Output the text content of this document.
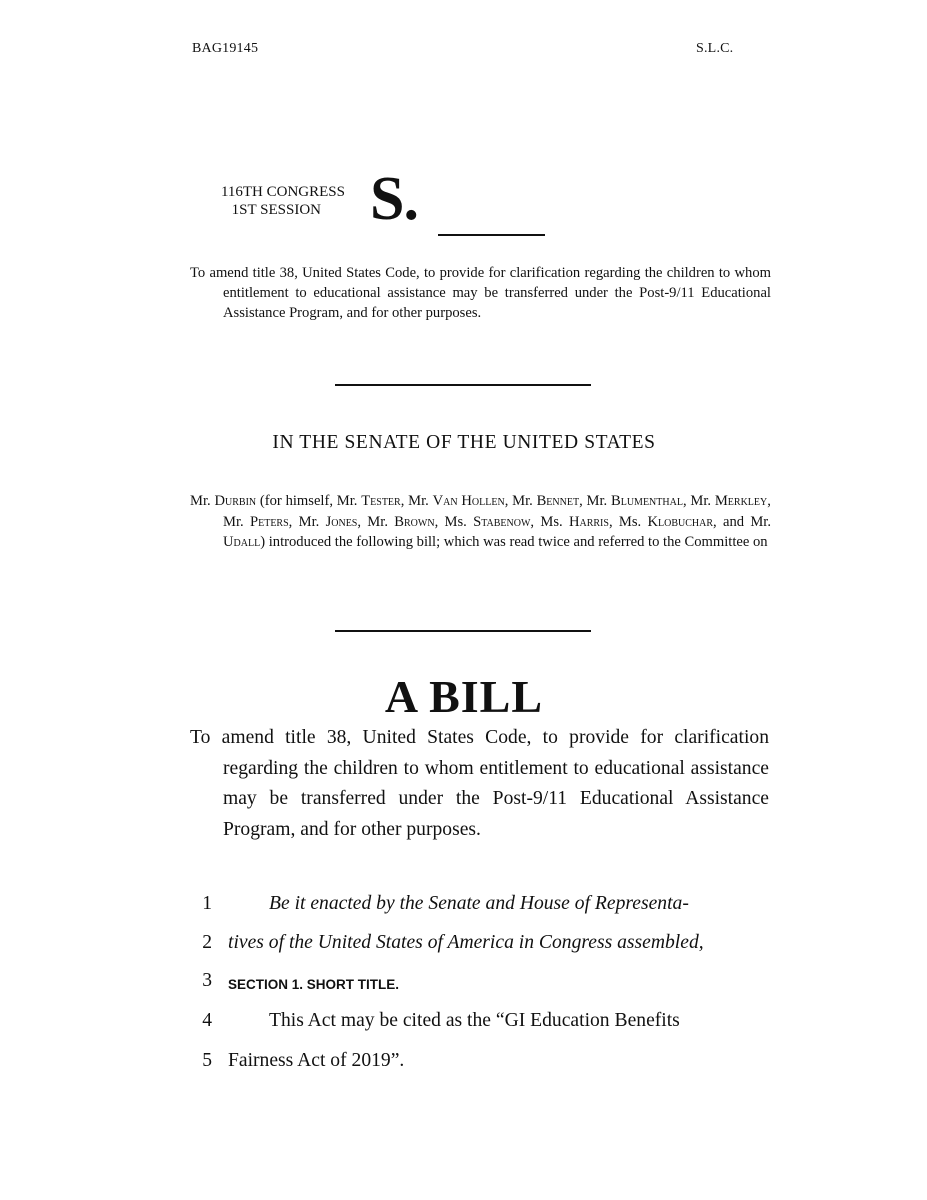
BAG19145	S.L.C.
116TH CONGRESS
1ST SESSION S.
To amend title 38, United States Code, to provide for clarification regarding the children to whom entitlement to educational assistance may be transferred under the Post-9/11 Educational Assistance Program, and for other purposes.
IN THE SENATE OF THE UNITED STATES
Mr. Durbin (for himself, Mr. Tester, Mr. Van Hollen, Mr. Bennet, Mr. Blumenthal, Mr. Merkley, Mr. Peters, Mr. Jones, Mr. Brown, Ms. Stabenow, Ms. Harris, Ms. Klobuchar, and Mr. Udall) introduced the following bill; which was read twice and referred to the Committee on
A BILL
To amend title 38, United States Code, to provide for clarification regarding the children to whom entitlement to educational assistance may be transferred under the Post-9/11 Educational Assistance Program, and for other purposes.
1	Be it enacted by the Senate and House of Representa-
2 tives of the United States of America in Congress assembled,
3 SECTION 1. SHORT TITLE.
4	This Act may be cited as the “GI Education Benefits
5 Fairness Act of 2019”.
